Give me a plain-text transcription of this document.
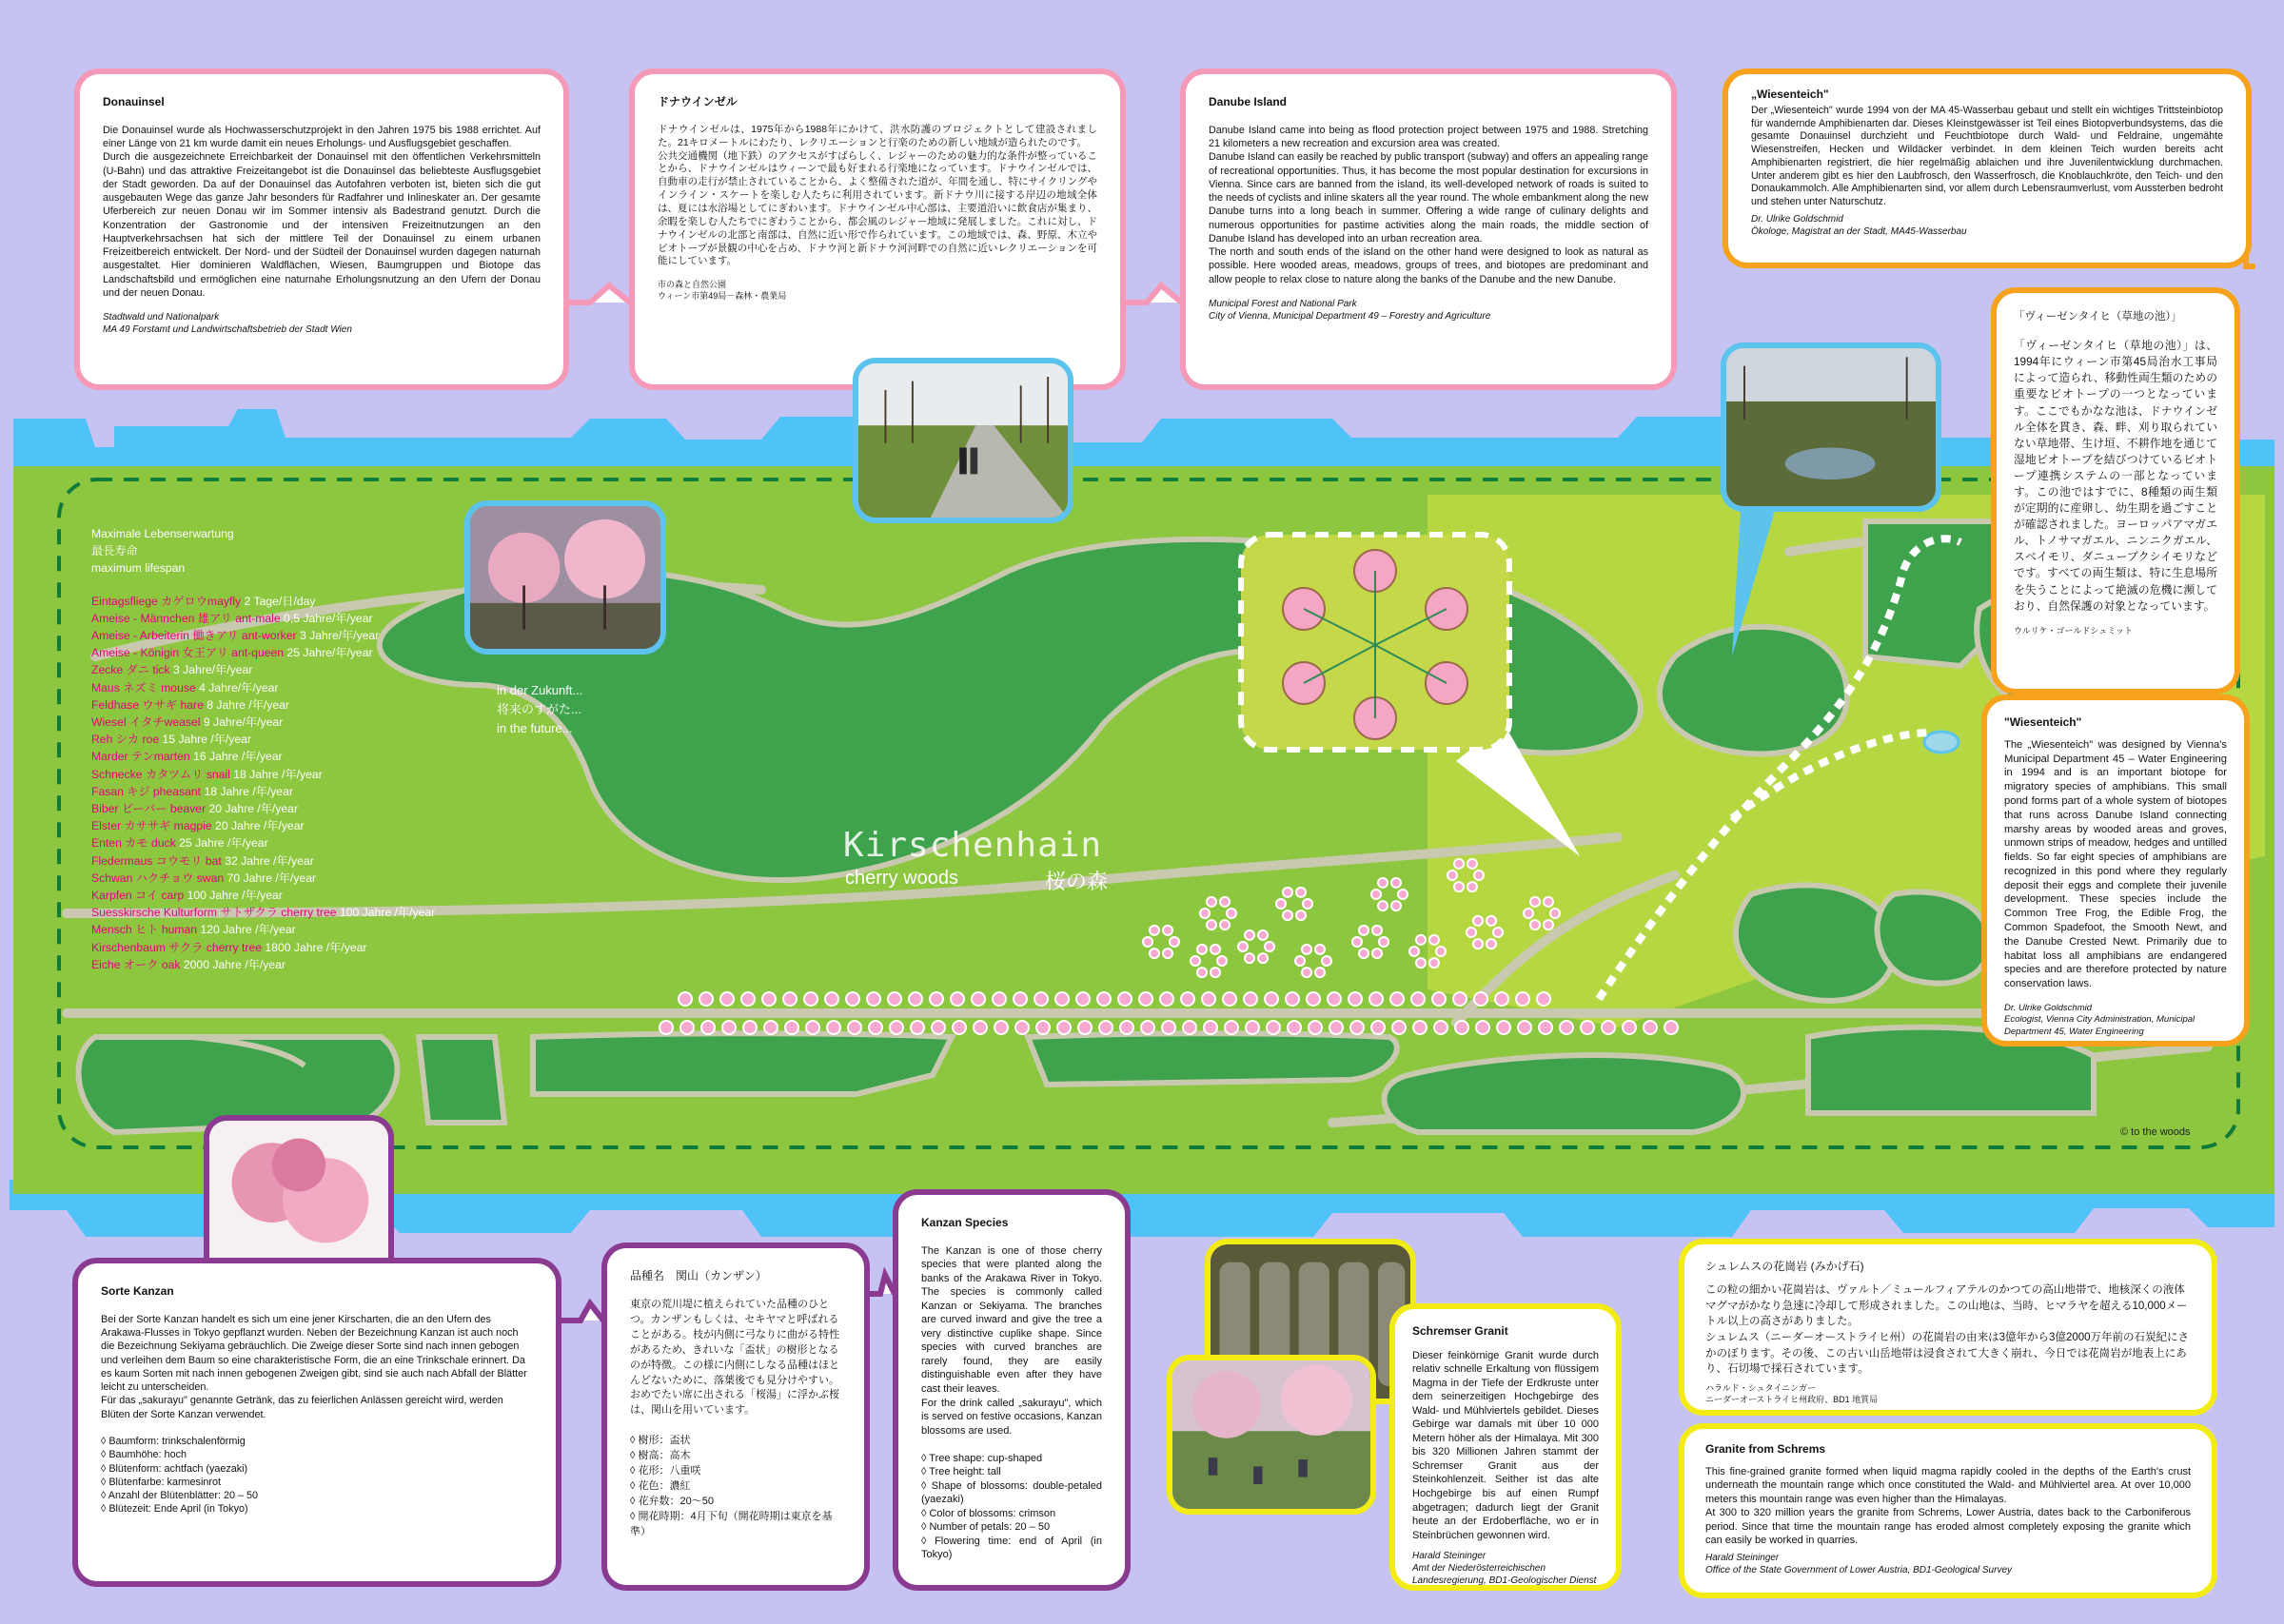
Donauinsel
Die Donauinsel wurde als Hochwasserschutzprojekt in den Jahren 1975 bis 1988 errichtet. Auf einer Länge von 21 km wurde damit ein neues Erholungs- und Ausflugsgebiet geschaffen.
Durch die ausgezeichnete Erreichbarkeit der Donauinsel mit den öffentlichen Verkehrsmitteln (U-Bahn) und das attraktive Freizeitangebot ist die Donauinsel das beliebteste Ausflugsgebiet der Stadt geworden. Da auf der Donauinsel das Autofahren verboten ist, bieten sich die gut ausgebauten Wege das ganze Jahr besonders für Radfahrer und Inlineskater an. Der gesamte Uferbereich zur neuen Donau wir im Sommer intensiv als Badestrand genutzt. Durch die Konzentration der Gastronomie und der intensiven Freizeitnutzungen an den Hauptverkehrsachsen hat sich der mittlere Teil der Donauinsel zu einem urbanen Freizeitbereich entwickelt. Der Nord- und der Südteil der Donauinsel wurden dagegen naturnah ausgestaltet. Hier dominieren Waldflächen, Wiesen, Baumgruppen und Biotope das Landschaftsbild und ermöglichen eine naturnahe Erholungsnutzung an den Ufern der Donau und der neuen Donau.
Stadtwald und Nationalpark
MA 49 Forstamt und Landwirtschaftsbetrieb der Stadt Wien
ドナウインゼル
ドナウインゼルは、1975年から1988年にかけて、洪水防護のプロジェクトとして建設されました。21キロメートルにわたり、レクリエーションと行楽のための新しい地域が造られたのです。
公共交通機関（地下鉄）のアクセスがすばらしく、レジャーのための魅力的な条件が整っていることから、ドナウインゼルはウィーンで最も好まれる行楽地になっています。ドナウインゼルでは、自動車の走行が禁止されていることから、よく整備された道が、年間を通し、特にサイクリングやインライン・スケートを楽しむ人たちに利用されています。新ドナウ川に接する岸辺の地域全体は、夏には水浴場としてにぎわいます。ドナウインゼル中心部は、主要道沿いに飲食店が集まり、余暇を楽しむ人たちでにぎわうことから、都会風のレジャー地域に発展しました。これに対し、ドナウインゼルの北部と南部は、自然に近い形で作られています。この地域では、森、野原、木立やビオトープが景観の中心を占め、ドナウ河と新ドナウ河河畔での自然に近いレクリエーションを可能にしています。
市の森と自然公園
ウィーン市第49局－森林・農業局
Danube Island
Danube Island came into being as flood protection project between 1975 and 1988. Stretching 21 kilometers a new recreation and excursion area was created.
Danube Island can easily be reached by public transport (subway) and offers an appealing range of recreational opportunities. Thus, it has become the most popular destination for excursions in Vienna. Since cars are banned from the island, its well-developed network of roads is suited to the needs of cyclists and inline skaters all the year round. The whole embankment along the new Danube turns into a long beach in summer. Offering a wide range of culinary delights and numerous opportunities for pastime activities along the main roads, the middle section of Danube Island has developed into an urban recreation area.
The north and south ends of the island on the other hand were designed to look as natural as possible. Here wooded areas, meadows, groups of trees, and biotopes are predominant and allow people to relax close to nature along the banks of the Danube and the new Danube.
Municipal Forest and National Park
City of Vienna, Municipal Department 49 – Forestry and Agriculture
„Wiesenteich"
Der „Wiesenteich" wurde 1994 von der MA 45-Wasserbau gebaut und stellt ein wichtiges Trittsteinbiotop für wandernde Amphibienarten dar. Dieses Kleinstgewässer ist Teil eines Biotopverbundsystems, das die gesamte Donauinsel durchzieht und Feuchtbiotope durch Wald- und Feldraine, ungemähte Wiesenstreifen, Hecken und Wildäcker verbindet. In dem kleinen Teich wurden bereits acht Amphibienarten registriert, die hier regelmäßig ablaichen und ihre Juvenilentwicklung durchmachen. Unter anderem gibt es hier den Laubfrosch, den Wasserfrosch, die Knoblauchkröte, den Teich- und den Donaukammolch. Alle Amphibienarten sind, vor allem durch Lebensraumverlust, vom Aussterben bedroht und stehen unter Naturschutz.
Dr. Ulrike Goldschmid
Ökologe, Magistrat an der Stadt, MA45-Wasserbau
「ヴィーゼンタイヒ（草地の池）」
「ヴィーゼンタイヒ（草地の池）」は、1994年にウィーン市第45局治水工事局によって造られ、移動性両生類のための重要なビオトープの一つとなっています。ここでもかなな池は、ドナウインゼル全体を貫き、森、畔、刈り取られていない草地帯、生け垣、不耕作地を通じて湿地ビオトープを結びつけているビオトープ連携システムの一部となっています。この池ではすでに、8種類の両生類が定期的に産卵し、幼生期を過ごすことが確認されました。ヨーロッパアマガエル、トノサマガエル、ニンニクガエル、スベイモリ、ダニューブクシイモリなどです。すべての両生類は、特に生息場所を失うことによって絶滅の危機に瀕しており、自然保護の対象となっています。
ウルリケ・ゴールドシュミット
"Wiesenteich"
The „Wiesenteich" was designed by Vienna's Municipal Department 45 – Water Engineering in 1994 and is an important biotope for migratory species of amphibians. This small pond forms part of a whole system of biotopes that runs across Danube Island connecting marshy areas by wooded areas and groves, unmown strips of meadow, hedges and untilled fields. So far eight species of amphibians are recognized in this pond where they regularly deposit their eggs and complete their juvenile development. These species include the Common Tree Frog, the Edible Frog, the Common Spadefoot, the Smooth Newt, and the Danube Crested Newt. Primarily due to habitat loss all amphibians are endangered species and are therefore protected by nature conservation laws.
Dr. Ulrike Goldschmid
Ecologist, Vienna City Administration, Municipal Department 45, Water Engineering
Maximale Lebenserwartung
最長寿命
maximum lifespan
Eintagsfliege カゲロウmayfly 2 Tage/日/day
Ameise - Männchen 雄アリ ant-male 0,5 Jahre/年/year
Ameise - Arbeiterin 働きアリ ant-worker 3 Jahre/年/year
Ameise - Königin 女王アリ ant-queen 25 Jahre/年/year
Zecke ダニ tick 3 Jahre/年/year
Maus ネズミ mouse 4 Jahre/年/year
Feldhase ウサギ hare 8 Jahre /年/year
Wiesel イタチweasel 9 Jahre/年/year
Reh シカ roe 15 Jahre /年/year
Marder テンmarten 16 Jahre /年/year
Schnecke カタツムリ snail 18 Jahre /年/year
Fasan キジ pheasant 18 Jahre /年/year
Biber ビーバー beaver 20 Jahre /年/year
Elster カササギ magpie 20 Jahre /年/year
Enten カモ duck 25 Jahre /年/year
Fledermaus コウモリ bat 32 Jahre /年/year
Schwan ハクチョウ swan 70 Jahre /年/year
Karpfen コイ carp 100 Jahre /年/year
Suesskirsche Kulturform サトザクラ cherry tree 100 Jahre /年/year
Mensch ヒト human 120 Jahre /年/year
Kirschenbaum サクラ cherry tree 1800 Jahre /年/year
Eiche オーク oak 2000 Jahre /年/year
in der Zukunft...
将来のすがた...
in the future...
Kirschenhain
cherry woods	桜の森
© to the woods
Sorte Kanzan
Bei der Sorte Kanzan handelt es sich um eine jener Kirscharten, die an den Ufern des Arakawa-Flusses in Tokyo gepflanzt wurden. Neben der Bezeichnung Kanzan ist auch noch die Bezeichnung Sekiyama gebräuchlich. Die Zweige dieser Sorte sind nach innen gebogen und verleihen dem Baum so eine charakteristische Form, die an eine Trinkschale erinnert. Da es kaum Sorten mit nach innen gebogenen Zweigen gibt, sind sie auch nach Abfall der Blätter leicht zu unterscheiden.
Für das „sakurayu" genannte Getränk, das zu feierlichen Anlässen gereicht wird, werden Blüten der Sorte Kanzan verwendet.

◊ Baumform: trinkschalenförmig
◊ Baumhöhe: hoch
◊ Blütenform: achtfach (yaezaki)
◊ Blütenfarbe: karmesinrot
◊ Anzahl der Blütenblätter: 20 – 50
◊ Blütezeit: Ende April (in Tokyo)
品種名　関山（カンザン）
東京の荒川堤に植えられていた品種のひとつ。カンザンもしくは、セキヤマと呼ばれることがある。枝が内側に弓なりに曲がる特性があるため、きれいな「盃状」の樹形となるのが特徴。この様に内側にしなる品種はほとんどないために、落葉後でも見分けやすい。
おめでたい席に出される「桜湯」に浮かぶ桜は、関山を用いています。

◊ 樹形：盃状
◊ 樹高：高木
◊ 花形：八重咲
◊ 花色：濃紅
◊ 花弁数：20〜50
◊ 開花時期：4月下旬（開花時期は東京を基準）
Kanzan Species
The Kanzan is one of those cherry species that were planted along the banks of the Arakawa River in Tokyo. The species is commonly called Kanzan or Sekiyama. The branches are curved inward and give the tree a very distinctive cuplike shape. Since species with curved branches are rarely found, they are easily distinguishable even after they have cast their leaves.
For the drink called „sakurayu", which is served on festive occasions, Kanzan blossoms are used.

◊ Tree shape: cup-shaped
◊ Tree height: tall
◊ Shape of blossoms: double-petaled (yaezaki)
◊ Color of blossoms: crimson
◊ Number of petals: 20 – 50
◊ Flowering time: end of April (in Tokyo)
Schremser Granit
Dieser feinkörnige Granit wurde durch relativ schnelle Erkaltung von flüssigem Magma in der Tiefe der Erdkruste unter dem seinerzeitigen Hochgebirge des Wald- und Mühlviertels gebildet. Dieses Gebirge war damals mit über 10 000 Metern höher als der Himalaya. Mit 300 bis 320 Millionen Jahren stammt der Schremser Granit aus der Steinkohlenzeit. Seither ist das alte Hochgebirge bis auf einen Rumpf abgetragen; dadurch liegt der Granit heute an der Erdoberfläche, wo er in Steinbrüchen gewonnen wird.
Harald Steininger
Amt der Niederösterreichischen Landesregierung, BD1-Geologischer Dienst
シュレムスの花崗岩 (みかげ石)
この粒の細かい花崗岩は、ヴァルト／ミュールフィアテルのかつての高山地帯で、地核深くの液体マグマがかなり急速に冷却して形成されました。この山地は、当時、ヒマラヤを超える10,000メートル以上の高さがありました。
シュレムス（ニーダーオーストライヒ州）の花崗岩の由来は3億年から3億2000万年前の石炭紀にさかのぼります。その後、この古い山岳地帯は浸食されて大きく崩れ、今日では花崗岩が地表上にあり、石切場で採石されています。
ハラルド・シュタイニンガー
ニーダーオーストライヒ州政府、BD1 地質局
Granite from Schrems
This fine-grained granite formed when liquid magma rapidly cooled in the depths of the Earth's crust underneath the mountain range which once constituted the Wald- and Mühlviertel area. At over 10,000 meters this mountain range was even higher than the Himalayas.
At 300 to 320 million years the granite from Schrems, Lower Austria, dates back to the Carboniferous period. Since that time the mountain range has eroded almost completely exposing the granite which can easily be worked in quarries.
Harald Steininger
Office of the State Government of Lower Austria, BD1-Geological Survey
